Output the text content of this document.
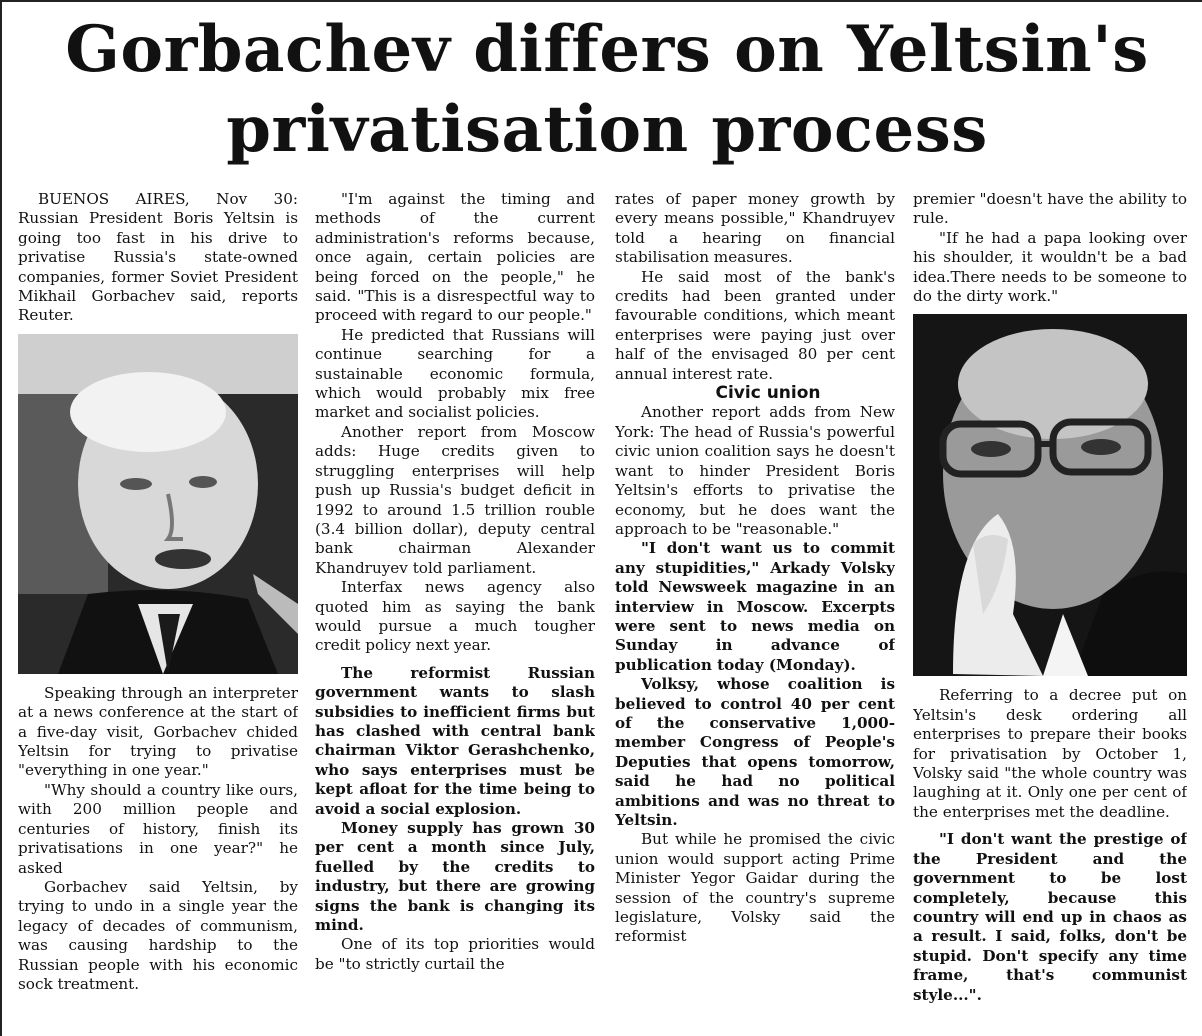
Gorbachev differs on Yeltsin's
privatisation process

BUENOS AIRES, Nov 30: Russian President Boris Yeltsin is going too fast in his drive to privatise Russia's state-owned companies, former Soviet President Mikhail Gorbachev said, reports Reuter.

Speaking through an interpreter at a news conference at the start of a five-day visit, Gorbachev chided Yeltsin for trying to privatise "everything in one year."

"Why should a country like ours, with 200 million people and centuries of history, finish its privatisations in one year?" he asked

Gorbachev said Yeltsin, by trying to undo in a single year the legacy of decades of communism, was causing hardship to the Russian people with his economic sock treatment.

"I'm against the timing and methods of the current administration's reforms because, once again, certain policies are being forced on the people," he said. "This is a disrespectful way to proceed with regard to our people."

He predicted that Russians will continue searching for a sustainable economic formula, which would probably mix free market and socialist policies.

Another report from Moscow adds: Huge credits given to struggling enterprises will help push up Russia's budget deficit in 1992 to around 1.5 trillion rouble (3.4 billion dollar), deputy central bank chairman Alexander Khandruyev told parliament.

Interfax news agency also quoted him as saying the bank would pursue a much tougher credit policy next year.

The reformist Russian government wants to slash subsidies to inefficient firms but has clashed with central bank chairman Viktor Gerashchenko, who says enterprises must be kept afloat for the time being to avoid a social explosion.

Money supply has grown 30 per cent a month since July, fuelled by the credits to industry, but there are growing signs the bank is changing its mind.

One of its top priorities would be "to strictly curtail the

rates of paper money growth by every means possible," Khandruyev told a hearing on financial stabilisation measures.

He said most of the bank's credits had been granted under favourable conditions, which meant enterprises were paying just over half of the envisaged 80 per cent annual interest rate.

Civic union

Another report adds from New York: The head of Russia's powerful civic union coalition says he doesn't want to hinder President Boris Yeltsin's efforts to privatise the economy, but he does want the approach to be "reasonable."

"I don't want us to commit any stupidities," Arkady Volsky told Newsweek magazine in an interview in Moscow. Excerpts were sent to news media on Sunday in advance of publication today (Monday).

Volksy, whose coalition is believed to control 40 per cent of the conservative 1,000-member Congress of People's Deputies that opens tomorrow, said he had no political ambitions and was no threat to Yeltsin.

But while he promised the civic union would support acting Prime Minister Yegor Gaidar during the session of the country's supreme legislature, Volsky said the reformist

premier "doesn't have the ability to rule.

"If he had a papa looking over his shoulder, it wouldn't be a bad idea.There needs to be someone to do the dirty work."

Referring to a decree put on Yeltsin's desk ordering all enterprises to prepare their books for privatisation by October 1, Volsky said "the whole country was laughing at it. Only one per cent of the enterprises met the deadline.

"I don't want the prestige of the President and the government to be lost completely, because this country will end up in chaos as a result. I said, folks, don't be stupid. Don't specify any time frame, that's communist style...".
